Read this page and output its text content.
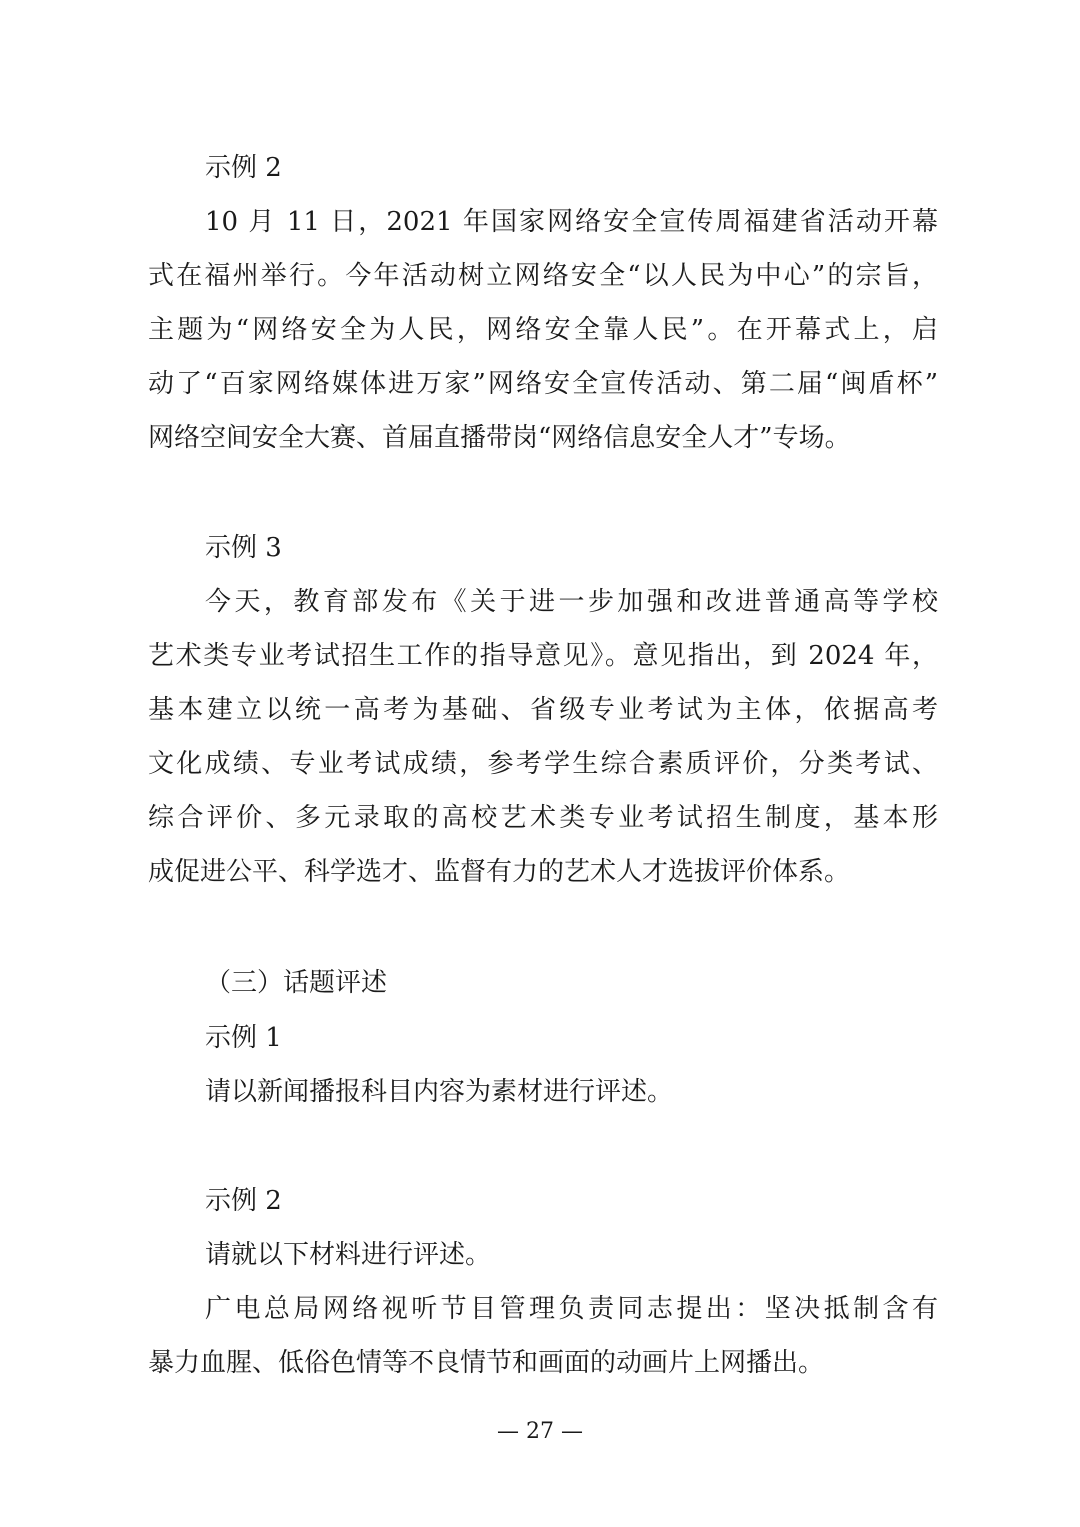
示例 2
10 月 11 日，2021 年国家网络安全宣传周福建省活动开幕
式在福州举行。今年活动树立网络安全“以人民为中心”的宗旨，
主题为“网络安全为人民，网络安全靠人民”。在开幕式上，启
动了“百家网络媒体进万家”网络安全宣传活动、第二届“闽盾杯”
网络空间安全大赛、首届直播带岗“网络信息安全人才”专场。
示例 3
今天，教育部发布《关于进一步加强和改进普通高等学校
艺术类专业考试招生工作的指导意见》。意见指出，到 2024 年，
基本建立以统一高考为基础、省级专业考试为主体，依据高考
文化成绩、专业考试成绩，参考学生综合素质评价，分类考试、
综合评价、多元录取的高校艺术类专业考试招生制度，基本形
成促进公平、科学选才、监督有力的艺术人才选拔评价体系。
（三）话题评述
示例 1
请以新闻播报科目内容为素材进行评述。
示例 2
请就以下材料进行评述。
广电总局网络视听节目管理负责同志提出：坚决抵制含有
暴力血腥、低俗色情等不良情节和画面的动画片上网播出。
— 27 —
